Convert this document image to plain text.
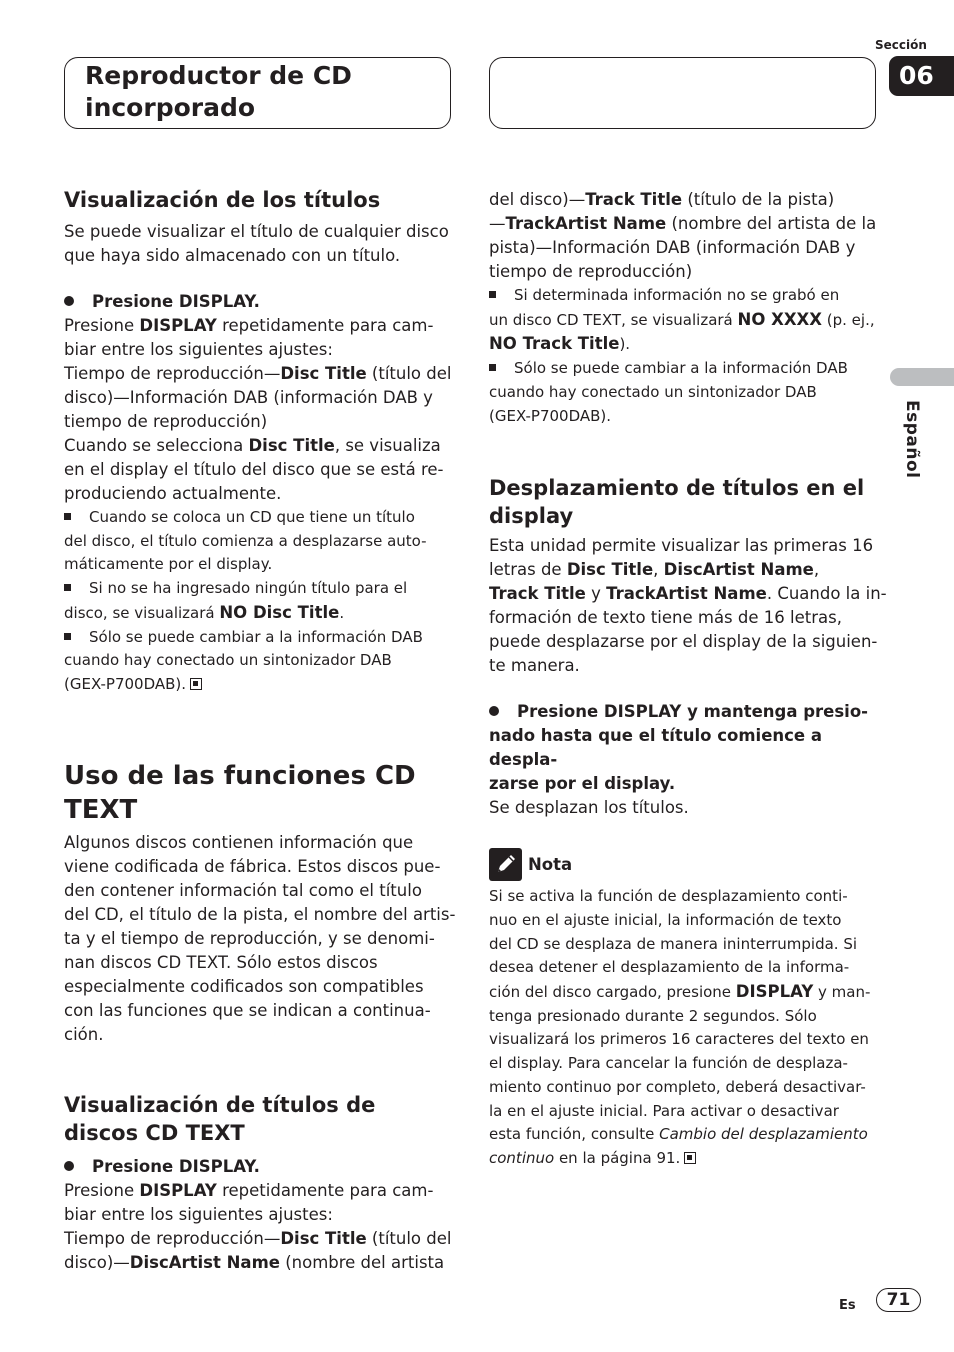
Reproductor de CD
incorporado
Sección
06
Español
Visualización de los títulos
Se puede visualizar el título de cualquier disco
que haya sido almacenado con un título.
Presione DISPLAY.
Presione DISPLAY repetidamente para cam-
biar entre los siguientes ajustes:
Tiempo de reproducción—Disc Title (título del
disco)—Información DAB (información DAB y
tiempo de reproducción)
Cuando se selecciona Disc Title, se visualiza
en el display el título del disco que se está re-
produciendo actualmente.
Cuando se coloca un CD que tiene un título
del disco, el título comienza a desplazarse auto-
máticamente por el display.
Si no se ha ingresado ningún título para el
disco, se visualizará NO Disc Title.
Sólo se puede cambiar a la información DAB
cuando hay conectado un sintonizador DAB
(GEX-P700DAB).
Uso de las funciones CD TEXT
Algunos discos contienen información que
viene codificada de fábrica. Estos discos pue-
den contener información tal como el título
del CD, el título de la pista, el nombre del artis-
ta y el tiempo de reproducción, y se denomi-
nan discos CD TEXT. Sólo estos discos
especialmente codificados son compatibles
con las funciones que se indican a continua-
ción.
Visualización de títulos de
discos CD TEXT
Presione DISPLAY.
Presione DISPLAY repetidamente para cam-
biar entre los siguientes ajustes:
Tiempo de reproducción—Disc Title (título del
disco)—DiscArtist Name (nombre del artista
del disco)—Track Title (título de la pista)
—TrackArtist Name (nombre del artista de la
pista)—Información DAB (información DAB y
tiempo de reproducción)
Si determinada información no se grabó en
un disco CD TEXT, se visualizará NO XXXX (p. ej.,
NO Track Title).
Sólo se puede cambiar a la información DAB
cuando hay conectado un sintonizador DAB
(GEX-P700DAB).
Desplazamiento de títulos en el
display
Esta unidad permite visualizar las primeras 16
letras de Disc Title, DiscArtist Name,
Track Title y TrackArtist Name. Cuando la in-
formación de texto tiene más de 16 letras,
puede desplazarse por el display de la siguien-
te manera.
Presione DISPLAY y mantenga presio-
nado hasta que el título comience a despla-
zarse por el display.
Se desplazan los títulos.
Nota
Si se activa la función de desplazamiento conti-
nuo en el ajuste inicial, la información de texto
del CD se desplaza de manera ininterrumpida. Si
desea detener el desplazamiento de la informa-
ción del disco cargado, presione DISPLAY y man-
tenga presionado durante 2 segundos. Sólo
visualizará los primeros 16 caracteres del texto en
el display. Para cancelar la función de desplaza-
miento continuo por completo, deberá desactivar-
la en el ajuste inicial. Para activar o desactivar
esta función, consulte Cambio del desplazamiento
continuo en la página 91.
Es	71
